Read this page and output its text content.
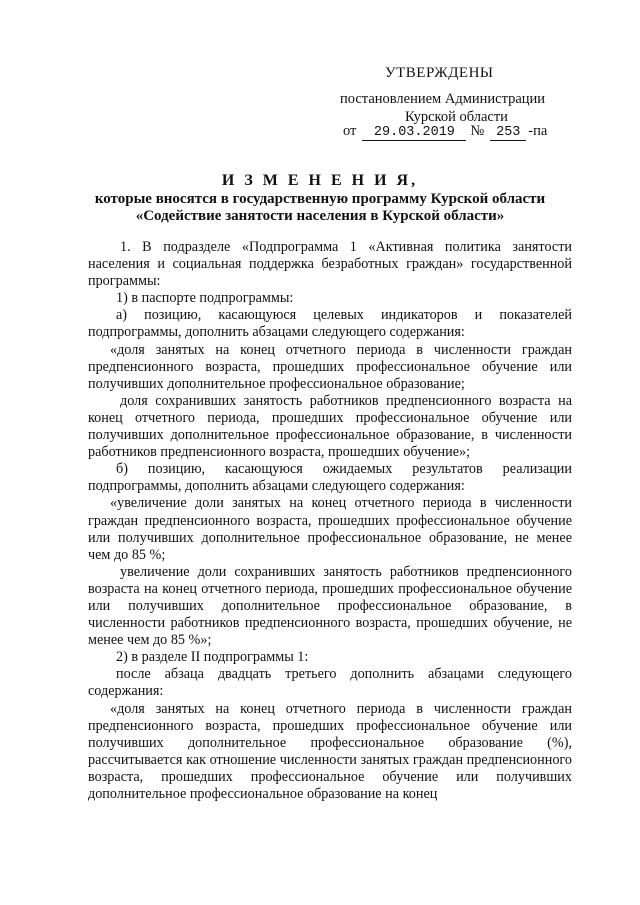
УТВЕРЖДЕНЫ
постановлением Администрации
Курской области
от 29.03.2019 № 253 -па
И З М Е Н Е Н И Я,
которые вносятся в государственную программу Курской области
«Содействие занятости населения в Курской области»

1. В подразделе «Подпрограмма 1 «Активная политика занятости населения и социальная поддержка безработных граждан» государственной программы:

1) в паспорте подпрограммы:

а) позицию, касающуюся целевых индикаторов и показателей подпрограммы, дополнить абзацами следующего содержания:

«доля занятых на конец отчетного периода в численности граждан предпенсионного возраста, прошедших профессиональное обучение или получивших дополнительное профессиональное образование;

доля сохранивших занятость работников предпенсионного возраста на конец отчетного периода, прошедших профессиональное обучение или получивших дополнительное профессиональное образование, в численности работников предпенсионного возраста, прошедших обучение»;

б) позицию, касающуюся ожидаемых результатов реализации подпрограммы, дополнить абзацами следующего содержания:

«увеличение доли занятых на конец отчетного периода в численности граждан предпенсионного возраста, прошедших профессиональное обучение или получивших дополнительное профессиональное образование, не менее чем до 85 %;

увеличение доли сохранивших занятость работников предпенсионного возраста на конец отчетного периода, прошедших профессиональное обучение или получивших дополнительное профессиональное образование, в численности работников предпенсионного возраста, прошедших обучение, не менее чем до 85 %»;

2) в разделе II подпрограммы 1:

после абзаца двадцать третьего дополнить абзацами следующего содержания:

«доля занятых на конец отчетного периода в численности граждан предпенсионного возраста, прошедших профессиональное обучение или получивших дополнительное профессиональное образование (%), рассчитывается как отношение численности занятых граждан предпенсионного возраста, прошедших профессиональное обучение или получивших дополнительное профессиональное образование на конец
